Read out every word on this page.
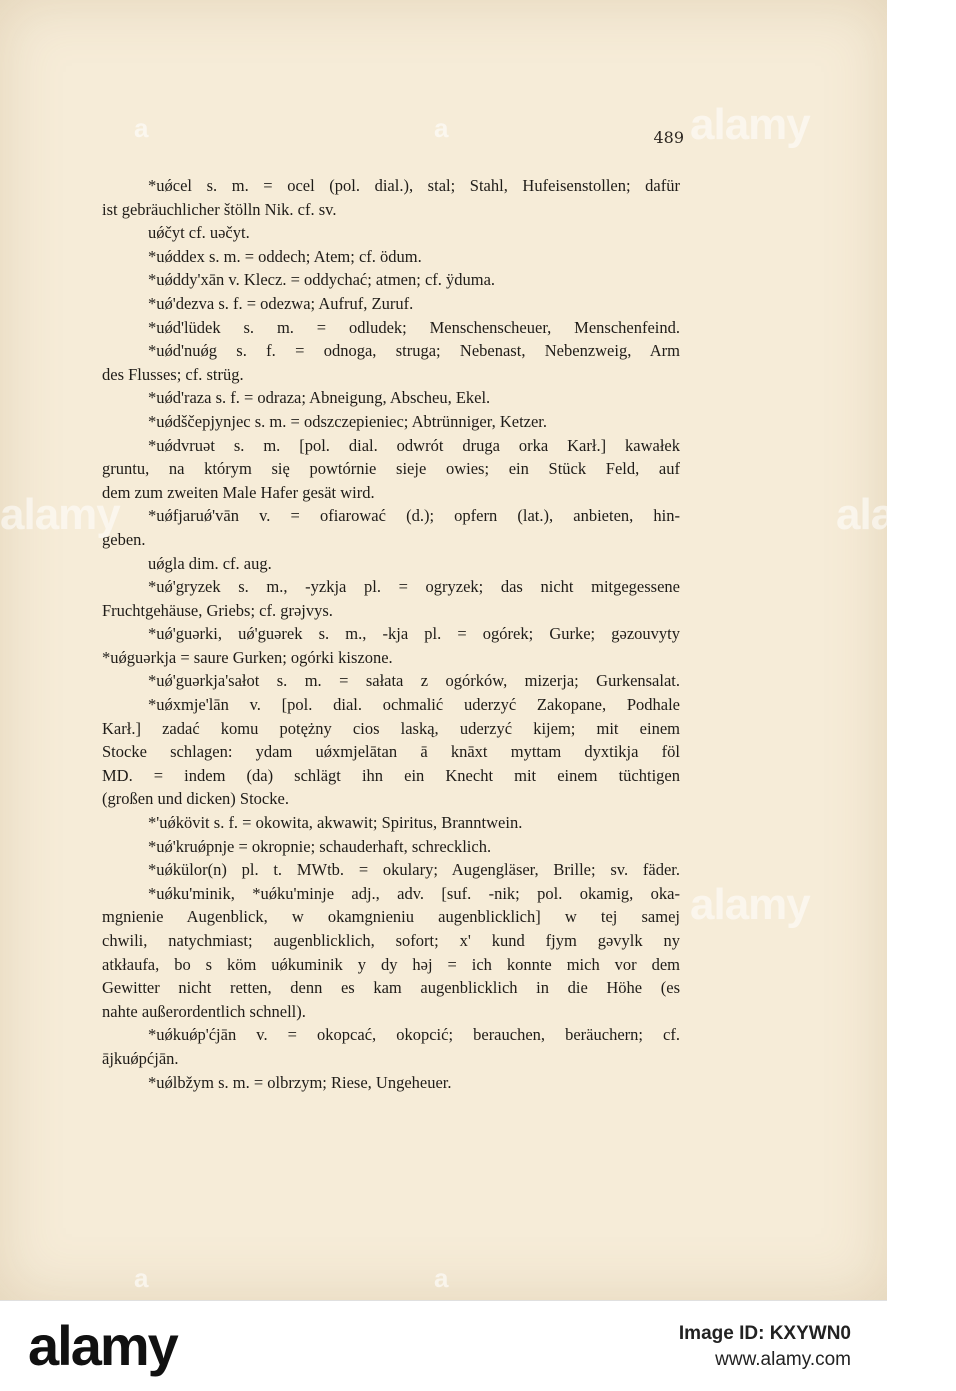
489
*uǿcel s. m. = ocel (pol. dial.), stal; Stahl, Hufeisenstollen; dafür
ist gebräuchlicher štölln Nik. cf. sv.
uǿčyt cf. uəčyt.
*uǿddex s. m. = oddech; Atem; cf. ödum.
*uǿddy'xān v. Klecz. = oddychać; atmen; cf. ÿduma.
*uǿ'dezva s. f. = odezwa; Aufruf, Zuruf.
*uǿd'lüdek s. m. = odludek; Menschenscheuer, Menschenfeind.
*uǿd'nuǿg s. f. = odnoga, struga; Nebenast, Nebenzweig, Arm
des Flusses; cf. strüg.
*uǿd'raza s. f. = odraza; Abneigung, Abscheu, Ekel.
*uǿdščepjynjec s. m. = odszczepieniec; Abtrünniger, Ketzer.
*uǿdvruət s. m. [pol. dial. odwrót druga orka Karł.] kawałek
gruntu, na którym się powtórnie sieje owies; ein Stück Feld, auf
dem zum zweiten Male Hafer gesät wird.
*uǿfjaruǿ'vān v. = ofiarować (d.); opfern (lat.), anbieten, hin-
geben.
uǿgla dim. cf. aug.
*uǿ'gryzek s. m., -yzkja pl. = ogryzek; das nicht mitgegessene
Fruchtgehäuse, Griebs; cf. grəjvys.
*uǿ'guərki, uǿ'guərek s. m., -kja pl. = ogórek; Gurke; gəzouvyty
*uǿguərkja = saure Gurken; ogórki kiszone.
*uǿ'guərkja'sałot s. m. = sałata z ogórków, mizerja; Gurkensalat.
*uǿxmje'lān v. [pol. dial. ochmalić uderzyć Zakopane, Podhale
Karł.] zadać komu potężny cios laską, uderzyć kijem; mit einem
Stocke schlagen: ydam uǿxmjelātan ā knāxt myttam dyxtikja föl
MD. = indem (da) schlägt ihn ein Knecht mit einem tüchtigen
(großen und dicken) Stocke.
*'uǿkövit s. f. = okowita, akwawit; Spiritus, Branntwein.
*uǿ'kruǿpnje = okropnie; schauderhaft, schrecklich.
*uǿkülor(n) pl. t. MWtb. = okulary; Augengläser, Brille; sv. fäder.
*uǿku'minik, *uǿku'minje adj., adv. [suf. -nik; pol. okamig, oka-
mgnienie Augenblick, w okamgnieniu augenblicklich] w tej samej
chwili, natychmiast; augenblicklich, sofort; x' kund fjym gəvylk ny
atkłaufa, bo s köm uǿkuminik y dy həj = ich konnte mich vor dem
Gewitter nicht retten, denn es kam augenblicklich in die Höhe (es
nahte außerordentlich schnell).
*uǿkuǿp'ćjān v. = okopcać, okopcić; berauchen, beräuchern; cf.
ājkuǿpćjān.
*uǿlbžym s. m. = olbrzym; Riese, Ungeheuer.
alamy
alamy
alamy
alamy
a	a
a	a
alamy	Image ID: KXYWN0
www.alamy.com
